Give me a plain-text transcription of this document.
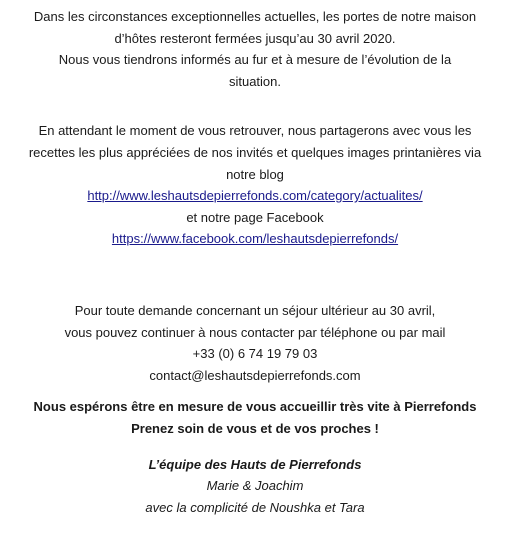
Dans les circonstances exceptionnelles actuelles, les portes de notre maison
d’hôtes resteront fermées jusqu’au 30 avril 2020.
Nous vous tiendrons informés au fur et à mesure de l’évolution de la
situation.

En attendant le moment de vous retrouver, nous partagerons avec vous les
recettes les plus appréciées de nos invités et quelques images printanières via
notre blog
http://www.leshautsdepierrefonds.com/category/actualites/
et notre page Facebook
https://www.facebook.com/leshautsdepierrefonds/

Pour toute demande concernant un séjour ultérieur au 30 avril,
vous pouvez continuer à nous contacter par téléphone ou par mail
+33 (0) 6 74 19 79 03
contact@leshautsdepierrefonds.com

Nous espérons être en mesure de vous accueillir très vite à Pierrefonds
Prenez soin de vous et de vos proches !

L’équipe des Hauts de Pierrefonds
Marie & Joachim
avec la complicité de Noushka et Tara
